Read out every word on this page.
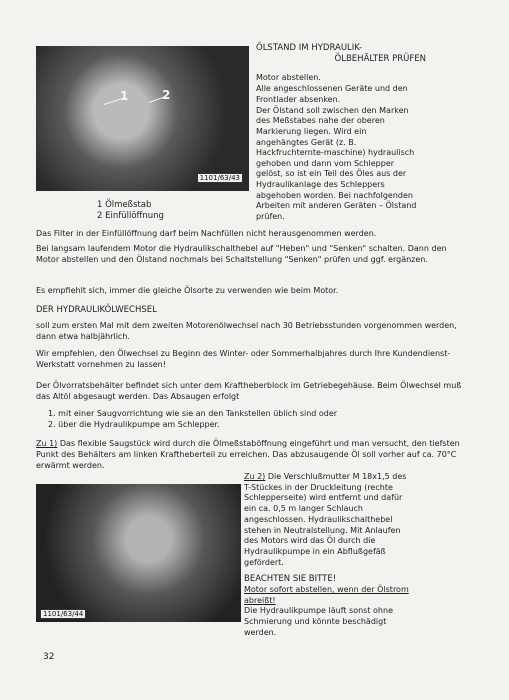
1	2
1101/63/43
1 Ölmeßstab
2 Einfüllöffnung
ÖLSTAND IM HYDRAULIK-
ÖLBEHÄLTER PRÜFEN

Motor abstellen.

Alle angeschlossenen Geräte und den Frontlader absenken.

Der Ölstand soll zwischen den Marken des Meßstabes nahe der oberen Markierung liegen. Wird ein angehängtes Gerät (z. B. Hackfruchternte-maschine) hydraulisch gehoben und dann vom Schlepper gelöst, so ist ein Teil des Öles aus der Hydraulikanlage des Schleppers abgehoben worden. Bei nachfolgenden Arbeiten mit anderen Geräten – Ölstand prüfen.

Das Filter in der Einfüllöffnung darf beim Nachfüllen nicht herausgenommen werden.

Bei langsam laufendem Motor die Hydraulikschalthebel auf "Heben" und "Senken" schalten. Dann den Motor abstellen und den Ölstand nochmals bei Schaltstellung "Senken" prüfen und ggf. ergänzen.

Es empfiehlt sich, immer die gleiche Ölsorte zu verwenden wie beim Motor.

DER HYDRAULIKÖLWECHSEL

soll zum ersten Mal mit dem zweiten Motorenölwechsel nach 30 Betriebsstunden vorgenommen werden, dann etwa halbjährlich.

Wir empfehlen, den Ölwechsel zu Beginn des Winter- oder Sommerhalbjahres durch Ihre Kundendienst-Werkstatt vornehmen zu lassen!

Der Ölvorratsbehälter befindet sich unter dem Kraftheberblock im Getriebegehäuse. Beim Ölwechsel muß das Altöl abgesaugt werden. Das Absaugen erfolgt

1. mit einer Saugvorrichtung wie sie an den Tankstellen üblich sind oder
2. über die Hydraulikpumpe am Schlepper.
Zu 1) Das flexible Saugstück wird durch die Ölmeßstaböffnung eingeführt und man versucht, den tiefsten Punkt des Behälters am linken Kraftheberteil zu erreichen. Das abzusaugende Öl soll vorher auf ca. 70°C erwärmt werden.
1101/63/44

Zu 2) Die Verschlußmutter M 18x1,5 des T-Stückes in der Druckleitung (rechte Schlepperseite) wird entfernt und dafür ein ca. 0,5 m langer Schlauch angeschlossen. Hydraulikschalthebel stehen in Neutralstellung. Mit Anlaufen des Motors wird das Öl durch die Hydraulikpumpe in ein Abflußgefäß gefördert.

BEACHTEN SIE BITTE!

Motor sofort abstellen, wenn der Ölstrom abreißt!

Die Hydraulikpumpe läuft sonst ohne Schmierung und könnte beschädigt werden.

32
